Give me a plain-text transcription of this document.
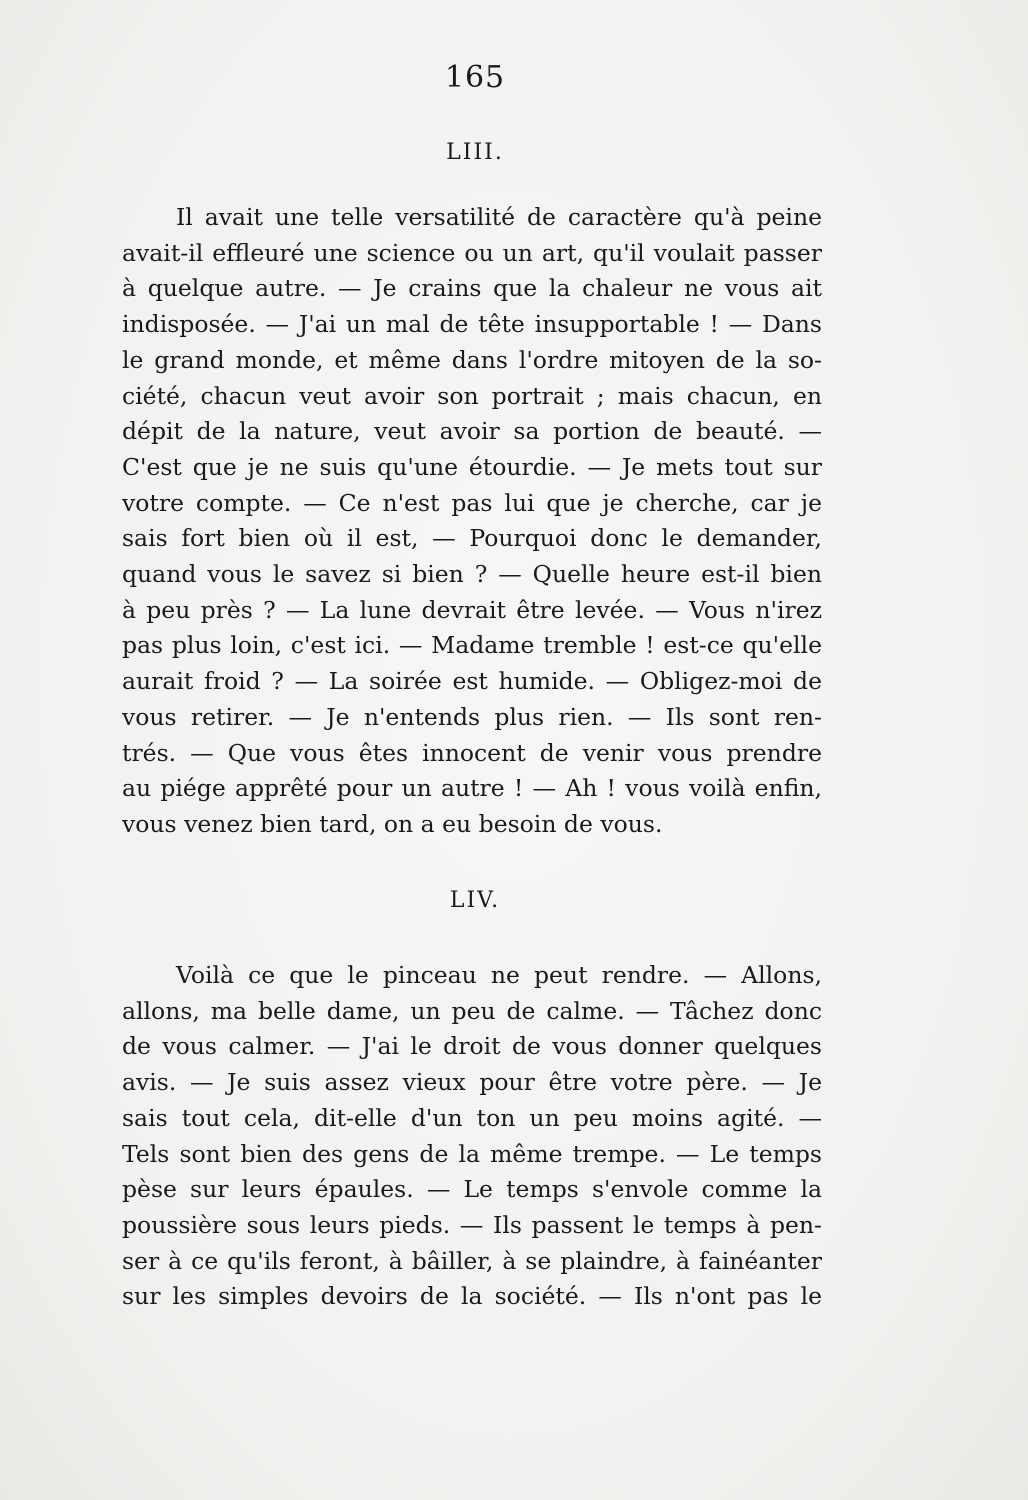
165
LIII.
Il avait une telle versatilité de caractère qu'à peine
avait-il effleuré une science ou un art, qu'il voulait passer
à quelque autre. — Je crains que la chaleur ne vous ait
indisposée. — J'ai un mal de tête insupportable ! — Dans
le grand monde, et même dans l'ordre mitoyen de la so-
ciété, chacun veut avoir son portrait ; mais chacun, en
dépit de la nature, veut avoir sa portion de beauté. —
C'est que je ne suis qu'une étourdie. — Je mets tout sur
votre compte. — Ce n'est pas lui que je cherche, car je
sais fort bien où il est, — Pourquoi donc le demander,
quand vous le savez si bien ? — Quelle heure est-il bien
à peu près ? — La lune devrait être levée. — Vous n'irez
pas plus loin, c'est ici. — Madame tremble ! est-ce qu'elle
aurait froid ? — La soirée est humide. — Obligez-moi de
vous retirer. — Je n'entends plus rien. — Ils sont ren-
trés. — Que vous êtes innocent de venir vous prendre
au piége apprêté pour un autre ! — Ah ! vous voilà enfin,
vous venez bien tard, on a eu besoin de vous.
LIV.
Voilà ce que le pinceau ne peut rendre. — Allons,
allons, ma belle dame, un peu de calme. — Tâchez donc
de vous calmer. — J'ai le droit de vous donner quelques
avis. — Je suis assez vieux pour être votre père. — Je
sais tout cela, dit-elle d'un ton un peu moins agité. —
Tels sont bien des gens de la même trempe. — Le temps
pèse sur leurs épaules. — Le temps s'envole comme la
poussière sous leurs pieds. — Ils passent le temps à pen-
ser à ce qu'ils feront, à bâiller, à se plaindre, à fainéanter
sur les simples devoirs de la société. — Ils n'ont pas le
